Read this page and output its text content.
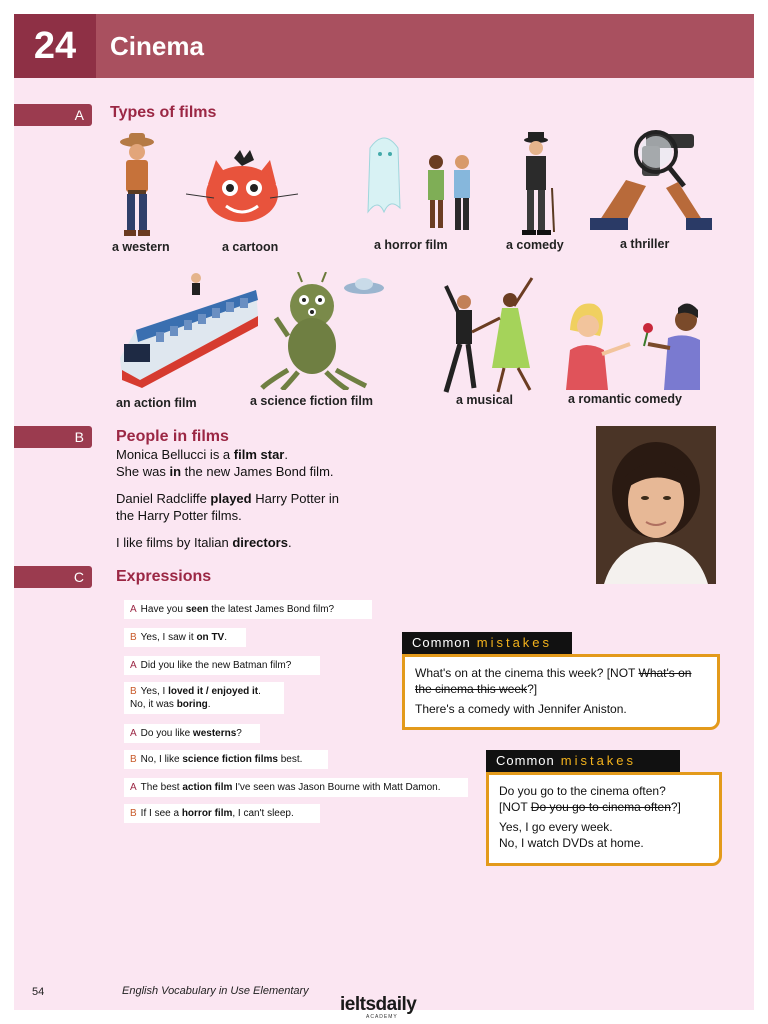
24	Cinema
A	Types of films
a western	a cartoon	a horror film	a comedy	a thriller
an action film	a science fiction film	a musical	a romantic comedy
B	People in films
Monica Bellucci is a film star.
She was in the new James Bond film.
Daniel Radcliffe played Harry Potter in
the Harry Potter films.
I like films by Italian directors.
C	Expressions
A Have you seen the latest James Bond film?
B Yes, I saw it on TV.
A Did you like the new Batman film?
B Yes, I loved it / enjoyed it.
No, it was boring.
A Do you like westerns?
B No, I like science fiction films best.
A The best action film I've seen was Jason Bourne with Matt Damon.
B If I see a horror film, I can't sleep.
Common mistakes
What's on at the cinema this week? [NOT What's on the cinema this week?]
There's a comedy with Jennifer Aniston.
Common mistakes
Do you go to the cinema often?
[NOT Do you go to cinema often?]
Yes, I go every week.
No, I watch DVDs at home.
54	English Vocabulary in Use Elementary
ieltsdaily
ACADEMY
